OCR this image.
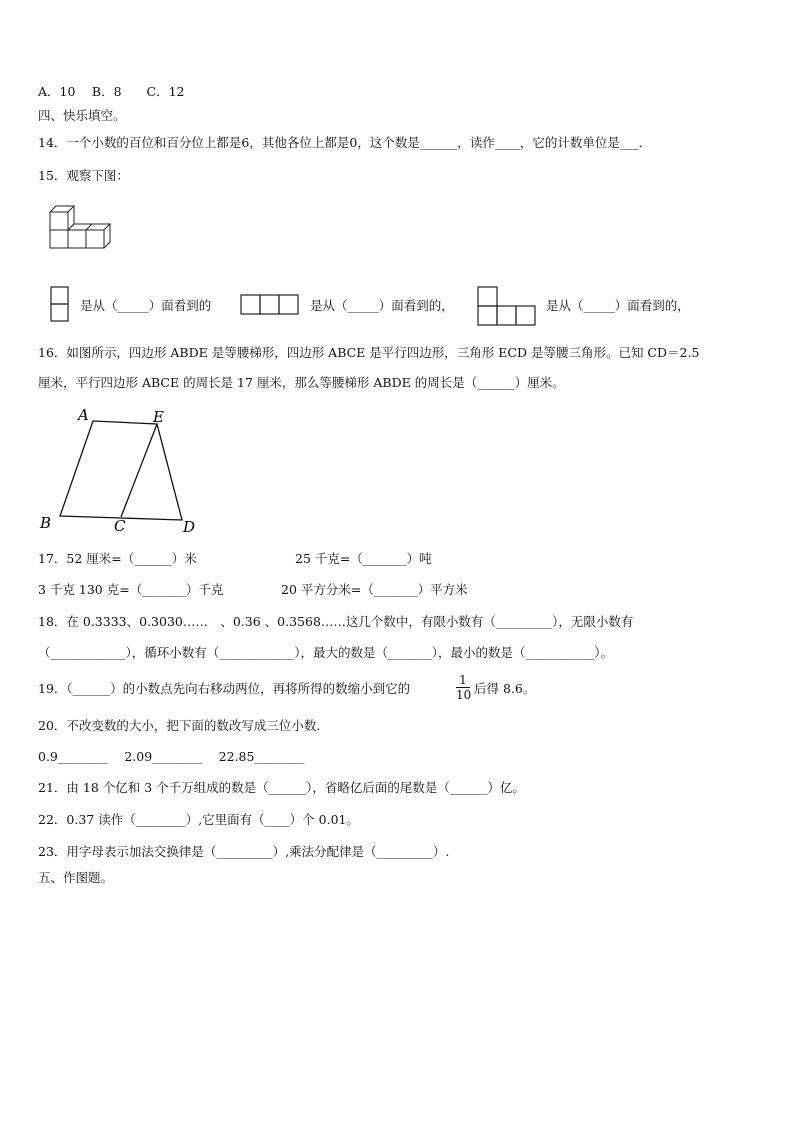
A．10　 B．8　　C．12
四、快乐填空。
14．一个小数的百位和百分位上都是6，其他各位上都是0，这个数是______，读作____，它的计数单位是___．
15．观察下图：
是从（_____）面看到的	是从（_____）面看到的，	是从（_____）面看到的，
16．如图所示，四边形 ABDE 是等腰梯形，四边形 ABCE 是平行四边形，三角形 ECD 是等腰三角形。已知 CD＝2.5
厘米，平行四边形 ABCE 的周长是 17 厘米，那么等腰梯形 ABDE 的周长是（______）厘米。
A	E
B	C	D
17．52 厘米=（______）米	25 千克=（_______）吨
3 千克 130 克=（_______）千克	20 平方分米=（_______）平方米
18．在 0.3333、0.3030……　、0.36 、0.3568……这几个数中，有限小数有（_________），无限小数有
（____________），循环小数有（____________），最大的数是（_______），最小的数是（___________）。
19．（______）的小数点先向右移动两位，再将所得的数缩小到它的
1
10 后得 8.6。
20．不改变数的大小，把下面的数改写成三位小数.
0.9________　 2.09________　 22.85________
21．由 18 个亿和 3 个千万组成的数是（______），省略亿后面的尾数是（______）亿。
22．0.37 读作（________）,它里面有（____）个 0.01。
23．用字母表示加法交换律是（_________）,乘法分配律是（_________）.
五、作图题。
